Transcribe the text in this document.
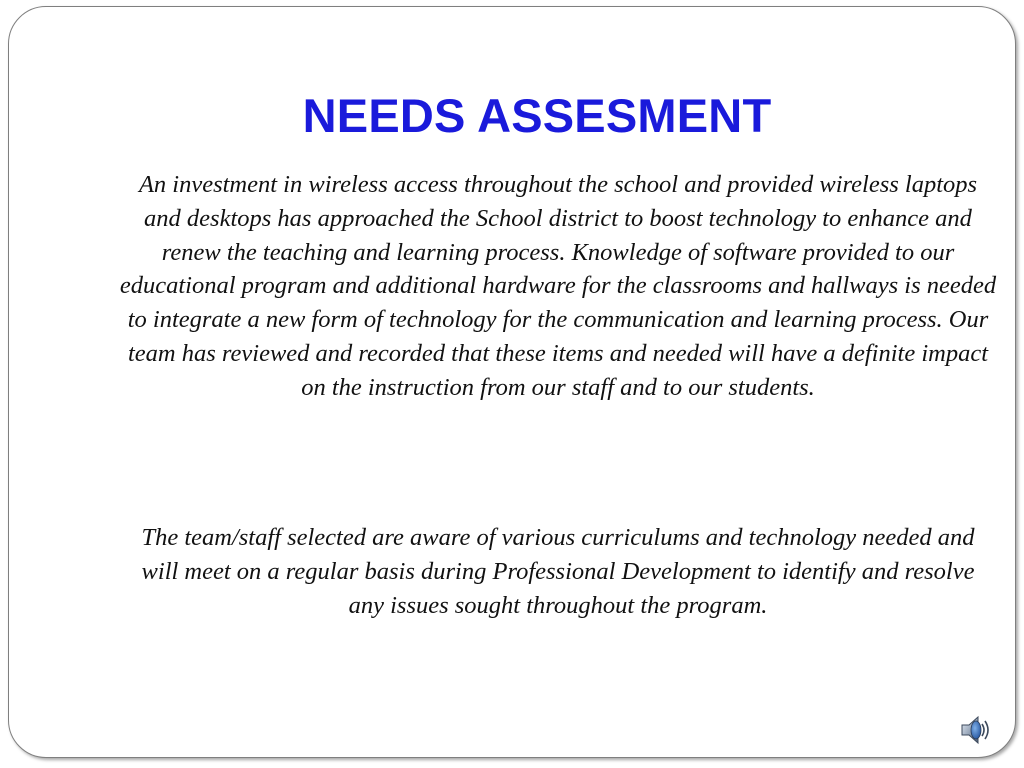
NEEDS ASSESMENT

An investment in wireless access throughout the school and provided wireless laptops and desktops has approached the School district to boost technology to enhance and renew the teaching and learning process. Knowledge of software provided to our educational program and additional hardware for the classrooms and hallways is needed to integrate a new form of technology for the communication and learning process. Our team has reviewed and recorded that these items and needed will have a definite impact on the instruction from our staff and to our students.

The team/staff selected are aware of various curriculums and technology needed and will meet on a regular basis during Professional Development to identify and resolve any issues sought throughout the program.
